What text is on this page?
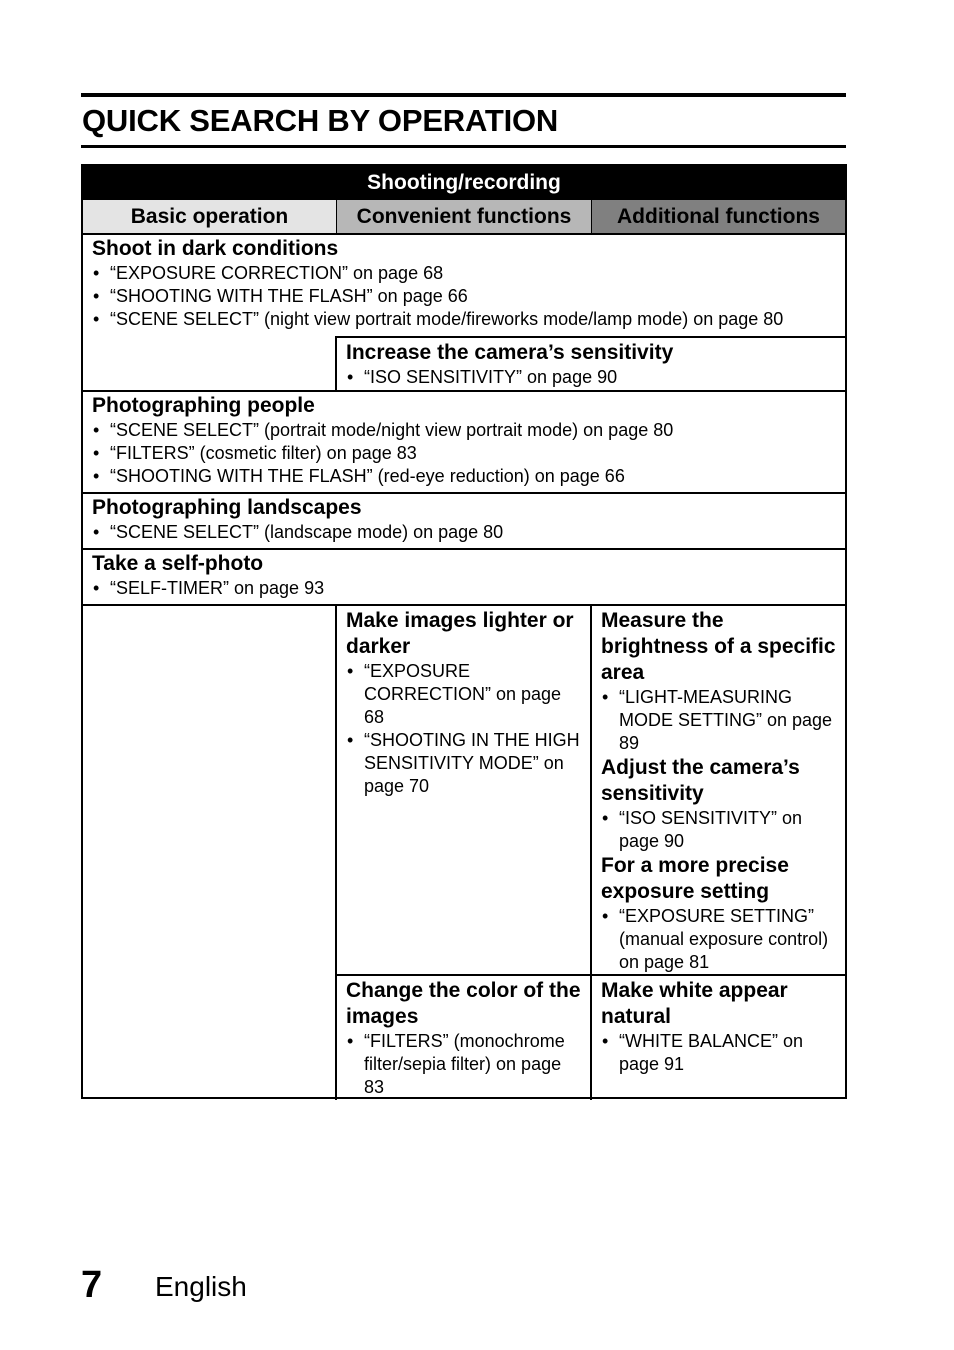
QUICK SEARCH BY OPERATION
Shooting/recording
Basic operation	Convenient functions	Additional functions

Shoot in dark conditions

• “EXPOSURE CORRECTION” on page 68
• “SHOOTING WITH THE FLASH” on page 66
• “SCENE SELECT” (night view portrait mode/fireworks mode/lamp mode) on page 80

Increase the camera’s sensitivity

• “ISO SENSITIVITY” on page 90

Photographing people

• “SCENE SELECT” (portrait mode/night view portrait mode) on page 80
• “FILTERS” (cosmetic filter) on page 83
• “SHOOTING WITH THE FLASH” (red-eye reduction) on page 66

Photographing landscapes

• “SCENE SELECT” (landscape mode) on page 80

Take a self-photo

• “SELF-TIMER” on page 93

Make images lighter or darker

• “EXPOSURE CORRECTION” on page 68
• “SHOOTING IN THE HIGH SENSITIVITY MODE” on page 70

Measure the brightness of a specific area

• “LIGHT-MEASURING MODE SETTING” on page 89

Adjust the camera’s sensitivity

• “ISO SENSITIVITY” on page 90

For a more precise exposure setting

• “EXPOSURE SETTING” (manual exposure control) on page 81

Change the color of the images

• “FILTERS” (monochrome filter/sepia filter) on page 83

Make white appear natural

• “WHITE BALANCE” on page 91
7 English
